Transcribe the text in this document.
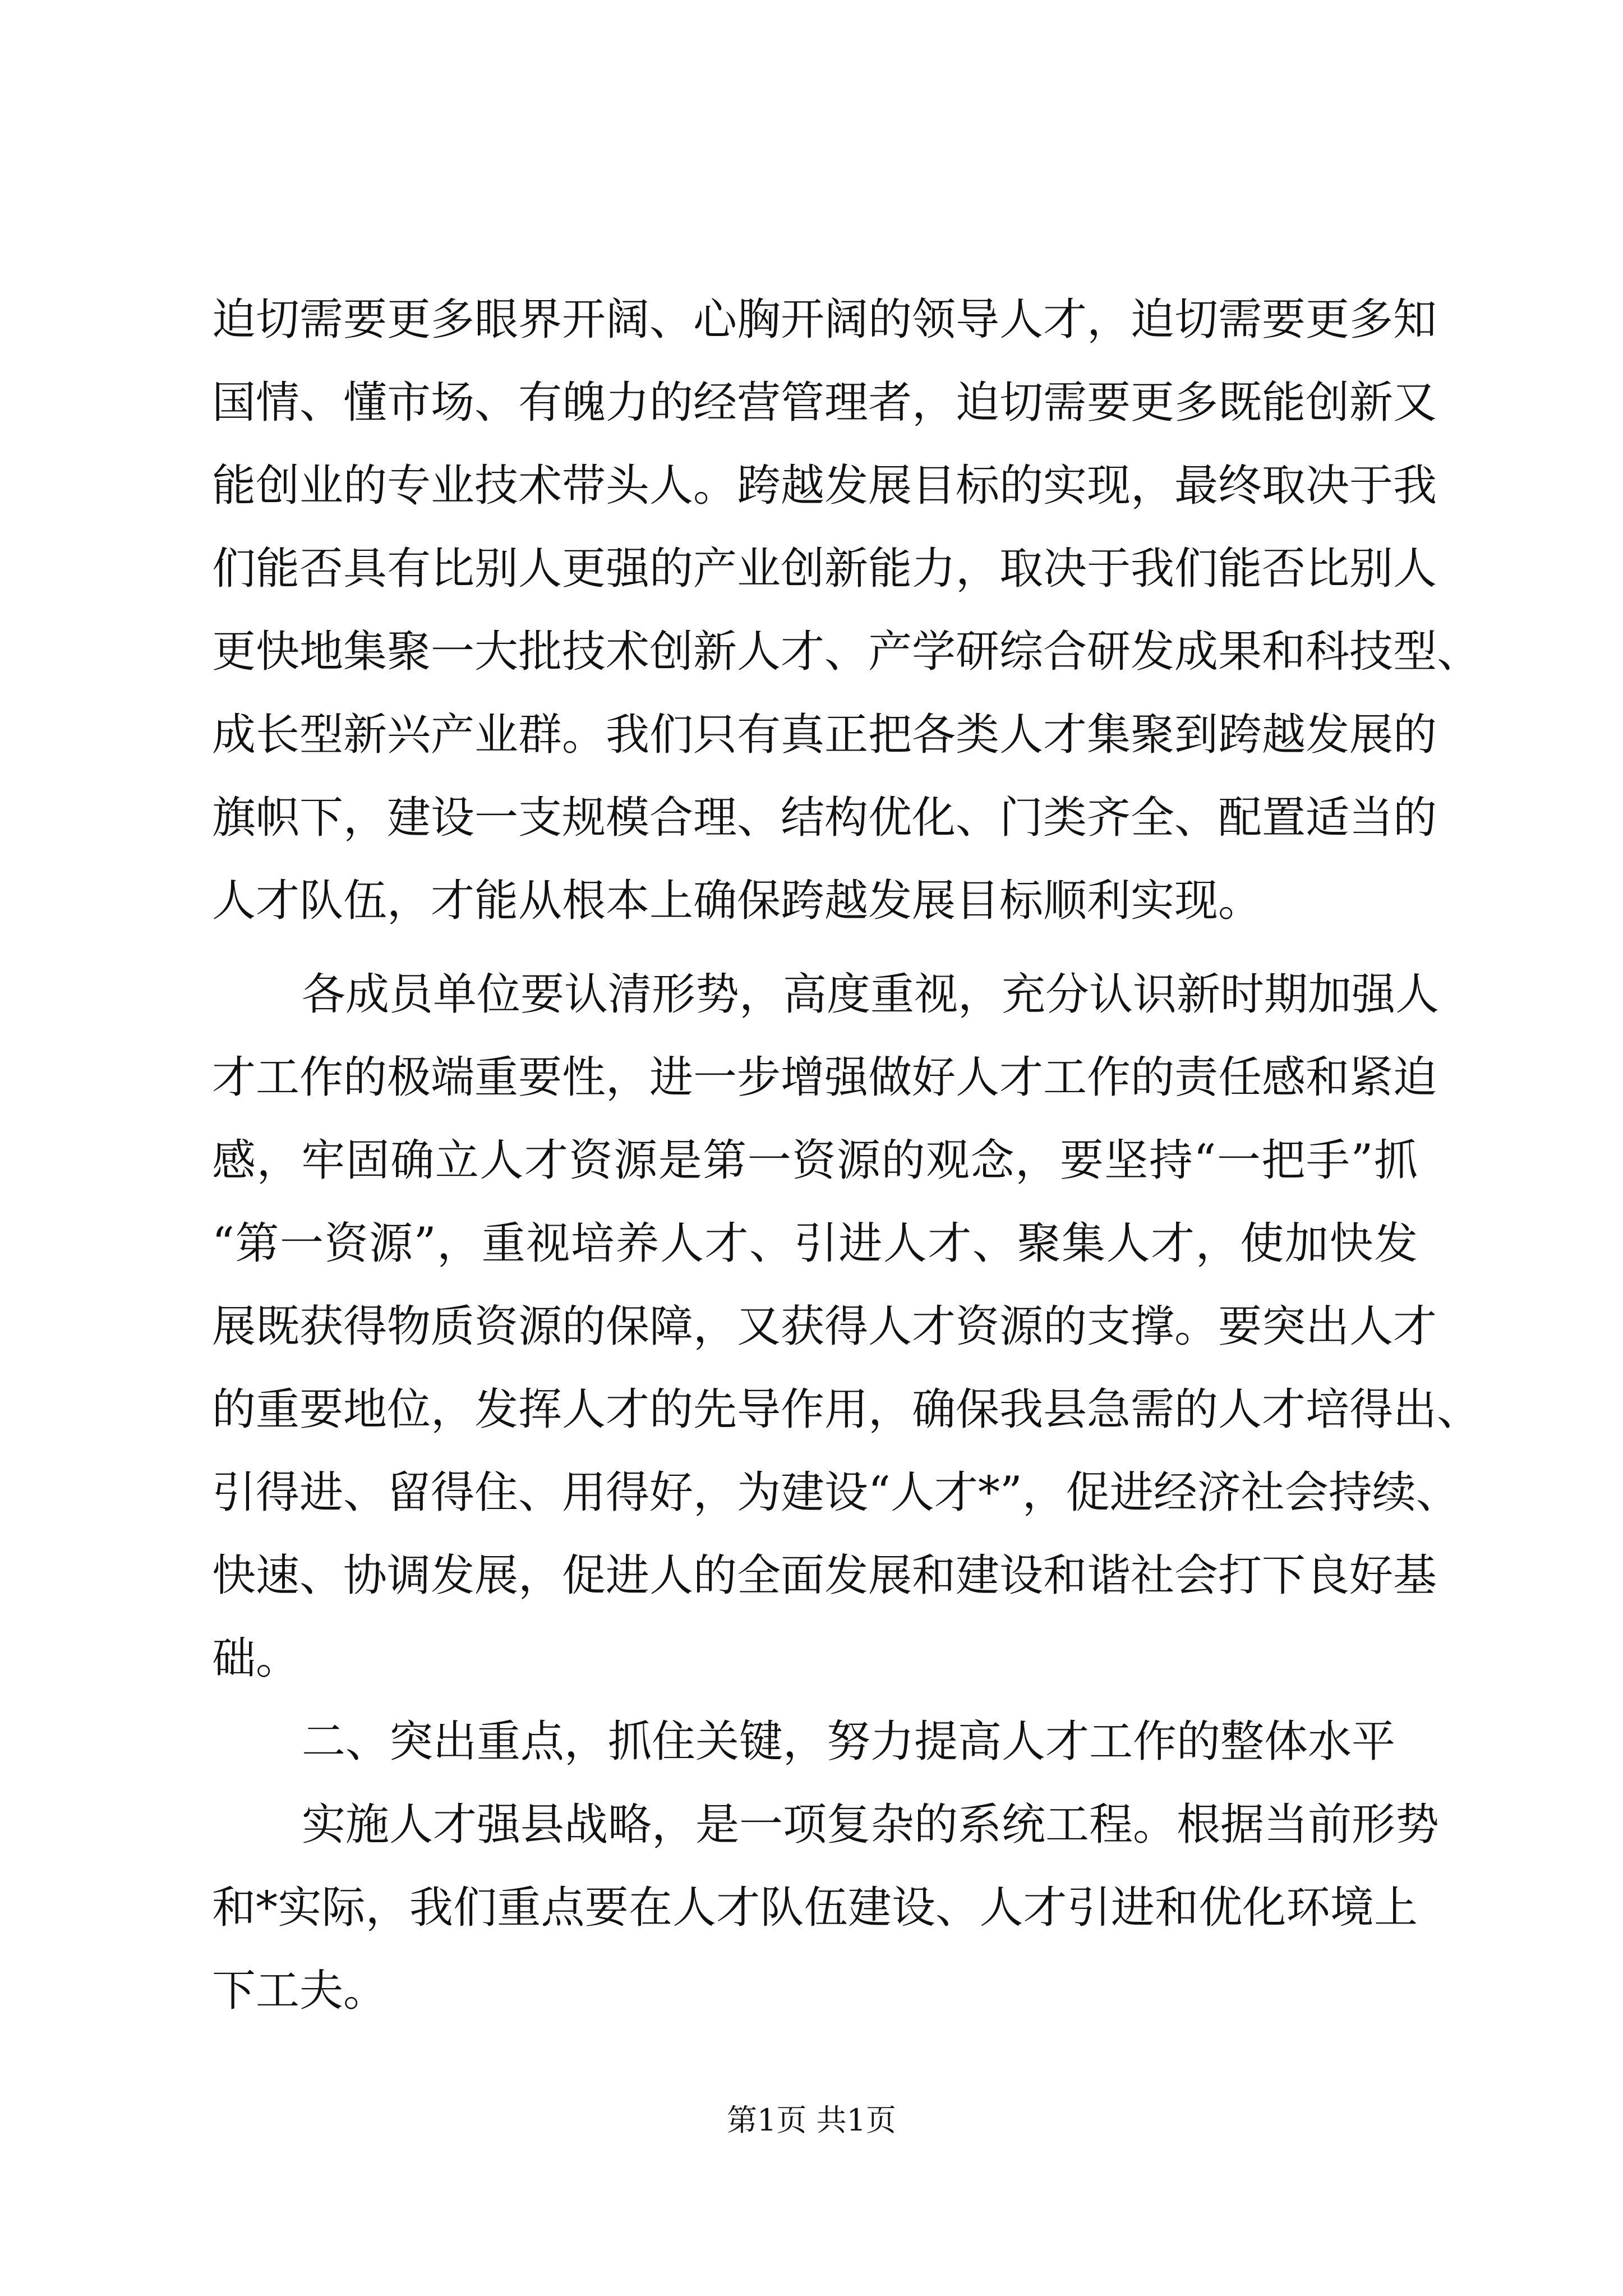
迫切需要更多眼界开阔、心胸开阔的领导人才，迫切需要更多知
国情、懂市场、有魄力的经营管理者，迫切需要更多既能创新又
能创业的专业技术带头人。跨越发展目标的实现，最终取决于我
们能否具有比别人更强的产业创新能力，取决于我们能否比别人
更快地集聚一大批技术创新人才、产学研综合研发成果和科技型、
成长型新兴产业群。我们只有真正把各类人才集聚到跨越发展的
旗帜下，建设一支规模合理、结构优化、门类齐全、配置适当的
人才队伍，才能从根本上确保跨越发展目标顺利实现。
各成员单位要认清形势，高度重视，充分认识新时期加强人
才工作的极端重要性，进一步增强做好人才工作的责任感和紧迫
感，牢固确立人才资源是第一资源的观念，要坚持“一把手”抓
“第一资源”，重视培养人才、引进人才、聚集人才，使加快发
展既获得物质资源的保障，又获得人才资源的支撑。要突出人才
的重要地位，发挥人才的先导作用，确保我县急需的人才培得出、
引得进、留得住、用得好，为建设“人才*”，促进经济社会持续、
快速、协调发展，促进人的全面发展和建设和谐社会打下良好基
础。
二、突出重点，抓住关键，努力提高人才工作的整体水平
实施人才强县战略，是一项复杂的系统工程。根据当前形势
和*实际，我们重点要在人才队伍建设、人才引进和优化环境上
下工夫。
第1页 共1页
